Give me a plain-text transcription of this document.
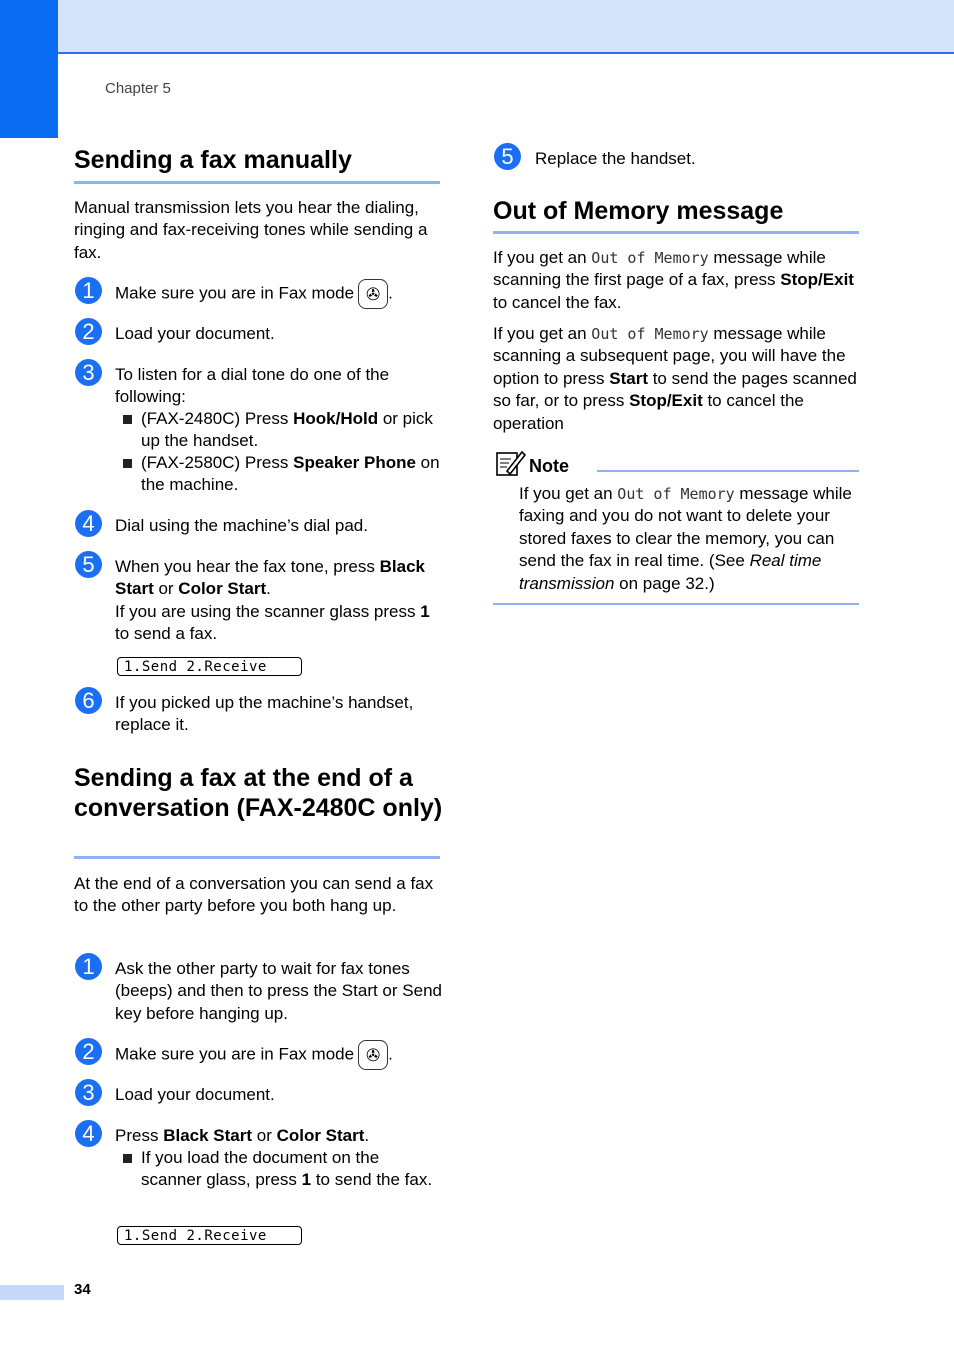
Chapter 5
Sending a fax manually
Manual transmission lets you hear the dialing, ringing and fax-receiving tones while sending a fax.
1	Make sure you are in Fax mode ✇ .
2	Load your document.
3	To listen for a dial tone do one of the following:
(FAX-2480C) Press Hook/Hold or pick up the handset.
(FAX-2580C) Press Speaker Phone on the machine.
4	Dial using the machine’s dial pad.
5	When you hear the fax tone, press Black Start or Color Start.
If you are using the scanner glass press 1 to send a fax.
1.Send 2.Receive
6	If you picked up the machine’s handset, replace it.
Sending a fax at the end of a conversation (FAX-2480C only)
At the end of a conversation you can send a fax to the other party before you both hang up.
1	Ask the other party to wait for fax tones (beeps) and then to press the Start or Send key before hanging up.
2	Make sure you are in Fax mode ✇ .
3	Load your document.
4	Press Black Start or Color Start.
If you load the document on the scanner glass, press 1 to send the fax.
1.Send 2.Receive
5	Replace the handset.
Out of Memory message
If you get an Out of Memory message while scanning the first page of a fax, press Stop/Exit to cancel the fax.
If you get an Out of Memory message while scanning a subsequent page, you will have the option to press Start to send the pages scanned so far, or to press Stop/Exit to cancel the operation
Note
If you get an Out of Memory message while faxing and you do not want to delete your stored faxes to clear the memory, you can send the fax in real time. (See Real time transmission on page 32.)
34
